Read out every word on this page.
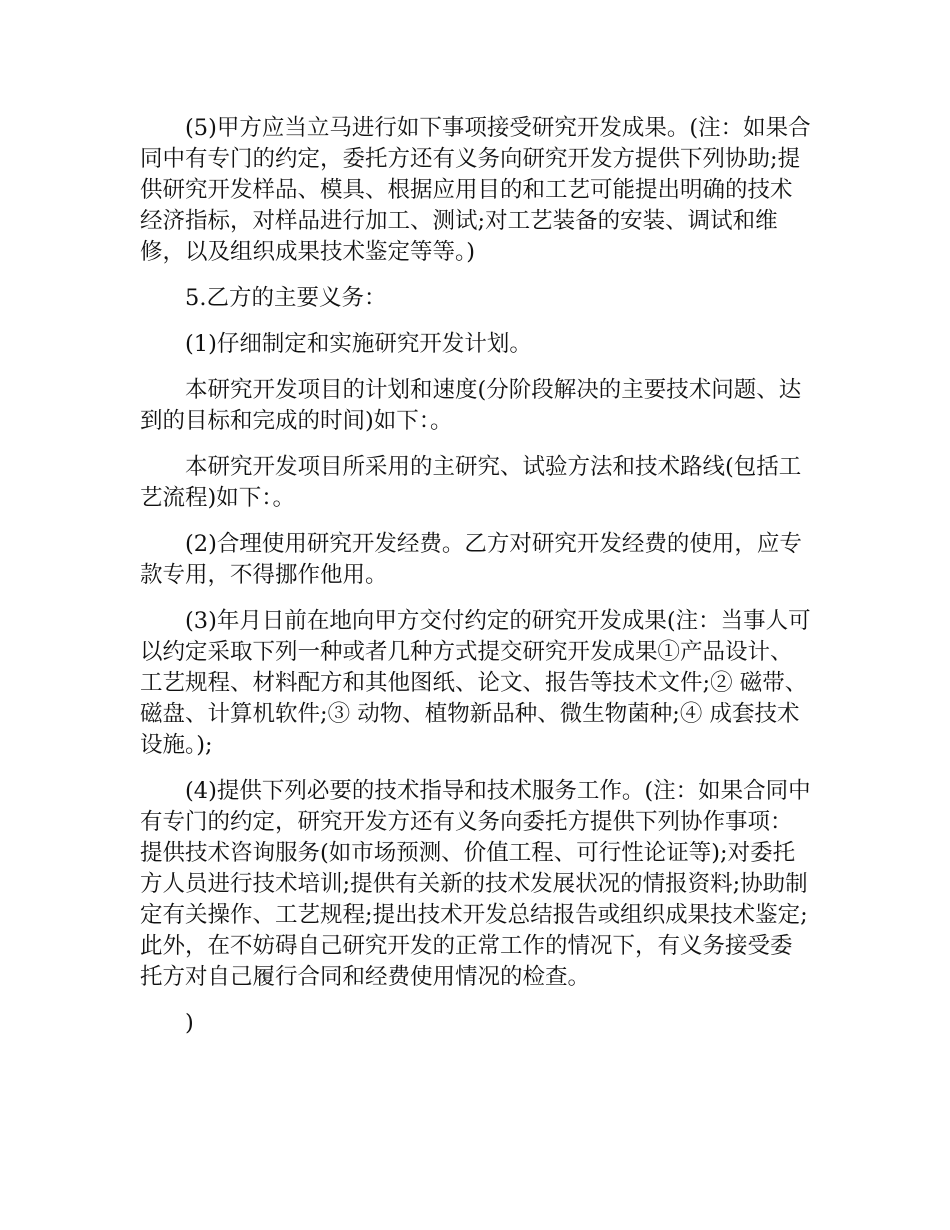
(5)甲方应当立马进行如下事项接受研究开发成果。(注：如果合同中有专门的约定，委托方还有义务向研究开发方提供下列协助;提供研究开发样品、模具、根据应用目的和工艺可能提出明确的技术经济指标，对样品进行加工、测试;对工艺装备的安装、调试和维修，以及组织成果技术鉴定等等。)

5.乙方的主要义务：

(1)仔细制定和实施研究开发计划。

本研究开发项目的计划和速度(分阶段解决的主要技术问题、达到的目标和完成的时间)如下：。

本研究开发项目所采用的主研究、试验方法和技术路线(包括工艺流程)如下：。

(2)合理使用研究开发经费。乙方对研究开发经费的使用，应专款专用，不得挪作他用。

(3)年月日前在地向甲方交付约定的研究开发成果(注：当事人可以约定采取下列一种或者几种方式提交研究开发成果①产品设计、工艺规程、材料配方和其他图纸、论文、报告等技术文件;② 磁带、磁盘、计算机软件;③ 动物、植物新品种、微生物菌种;④ 成套技术设施。);

(4)提供下列必要的技术指导和技术服务工作。(注：如果合同中有专门的约定，研究开发方还有义务向委托方提供下列协作事项：提供技术咨询服务(如市场预测、价值工程、可行性论证等);对委托方人员进行技术培训;提供有关新的技术发展状况的情报资料;协助制定有关操作、工艺规程;提出技术开发总结报告或组织成果技术鉴定;此外，在不妨碍自己研究开发的正常工作的情况下，有义务接受委托方对自己履行合同和经费使用情况的检查。

)
